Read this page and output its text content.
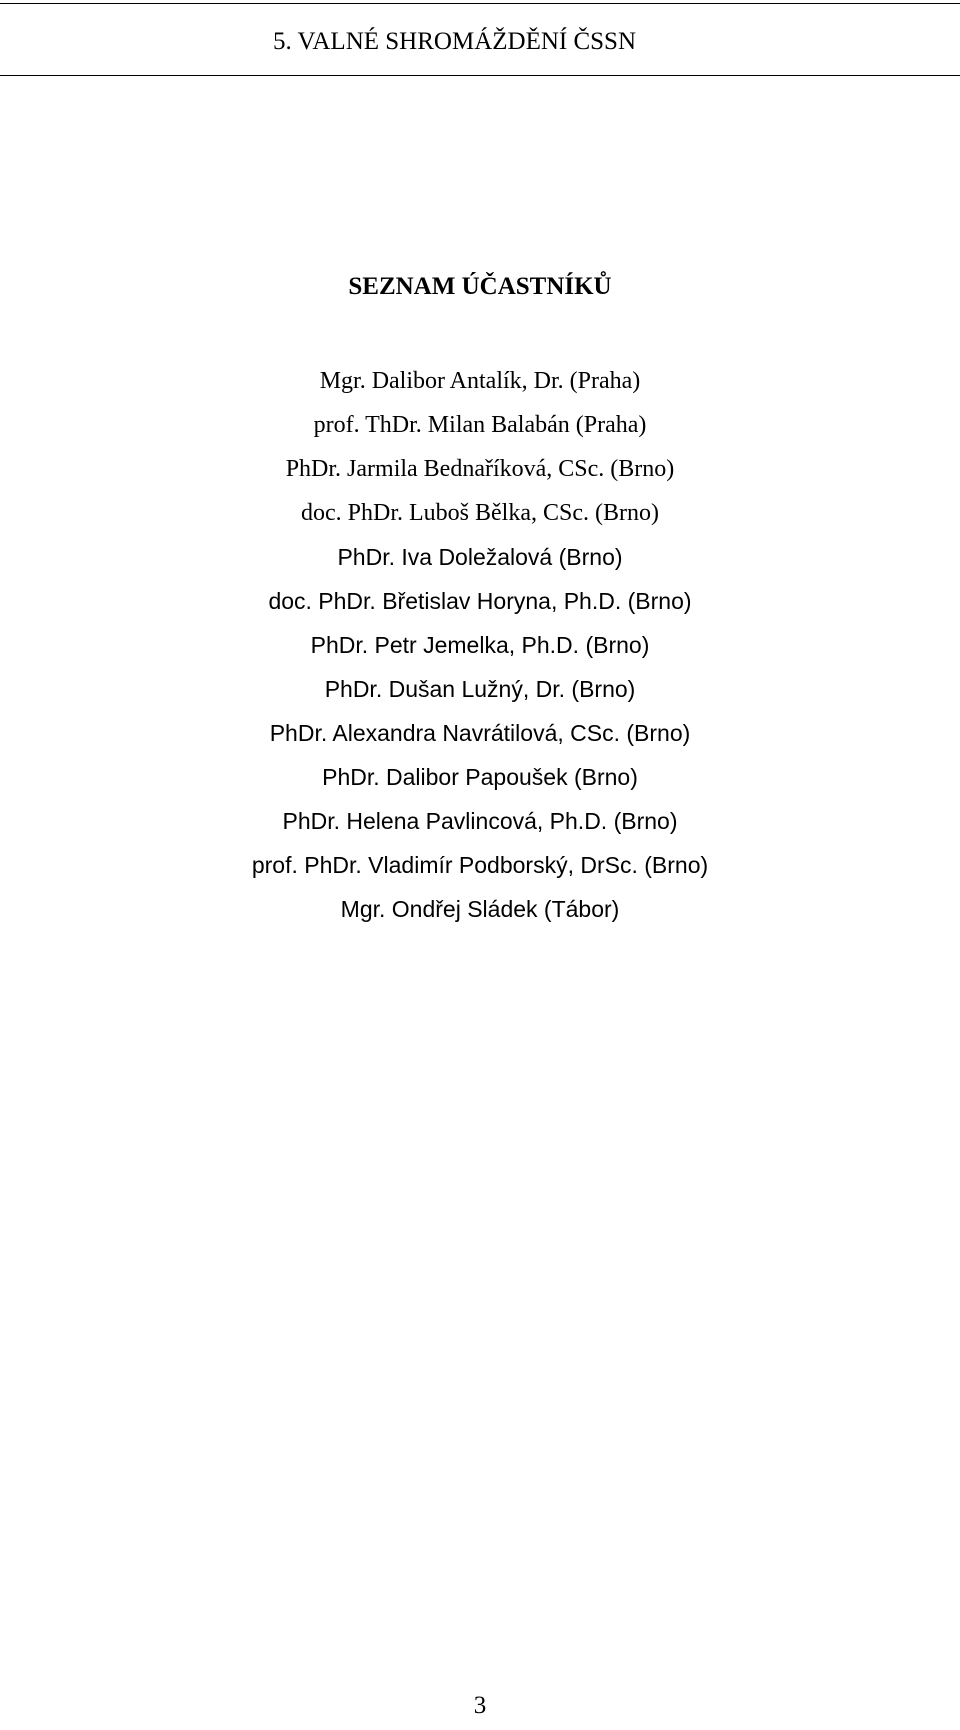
5. VALNÉ SHROMÁŽDĚNÍ ČSSN
SEZNAM ÚČASTNÍKŮ
Mgr. Dalibor Antalík, Dr. (Praha)
prof. ThDr. Milan Balabán (Praha)
PhDr. Jarmila Bednaříková, CSc. (Brno)
doc. PhDr. Luboš Bělka, CSc. (Brno)
PhDr. Iva Doležalová (Brno)
doc. PhDr. Břetislav Horyna, Ph.D. (Brno)
PhDr. Petr Jemelka, Ph.D. (Brno)
PhDr. Dušan Lužný, Dr. (Brno)
PhDr. Alexandra Navrátilová, CSc. (Brno)
PhDr. Dalibor Papoušek (Brno)
PhDr. Helena Pavlincová, Ph.D. (Brno)
prof. PhDr. Vladimír Podborský, DrSc. (Brno)
Mgr. Ondřej Sládek (Tábor)
3
